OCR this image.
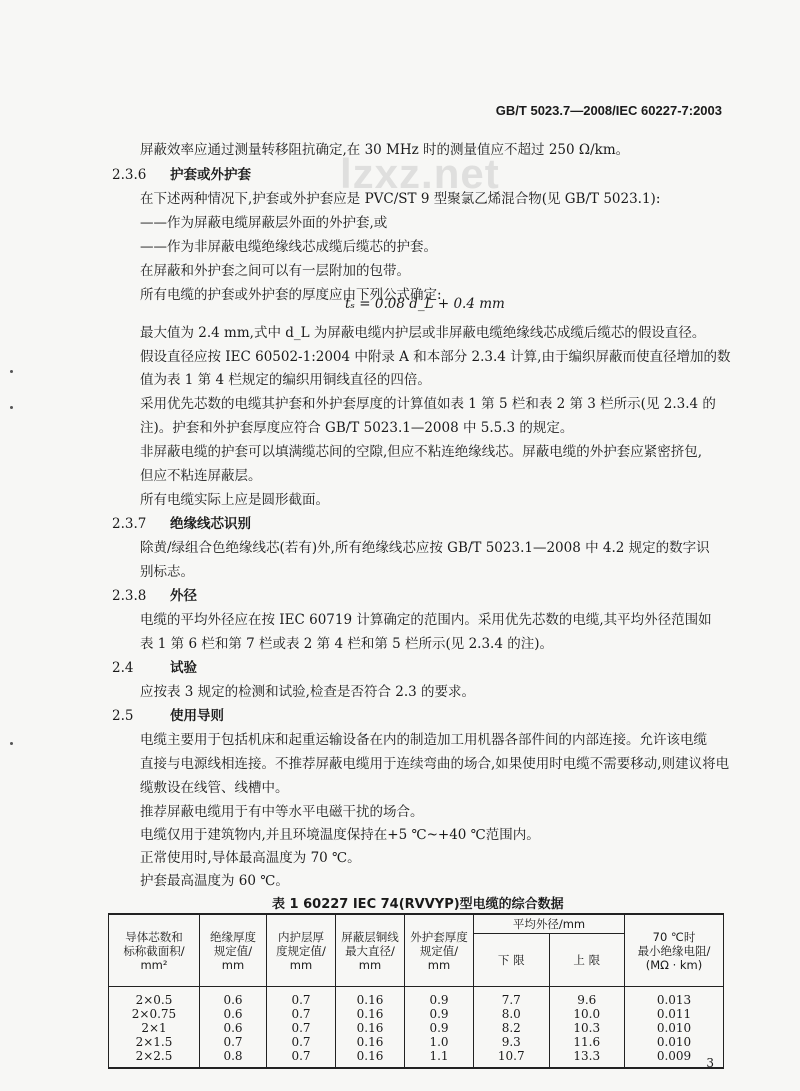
GB/T 5023.7—2008/IEC 60227-7:2003
lzxz.net
屏蔽效率应通过测量转移阻抗确定,在 30 MHz 时的测量值应不超过 250 Ω/km。
2.3.6 护套或外护套
在下述两种情况下,护套或外护套应是 PVC/ST 9 型聚氯乙烯混合物(见 GB/T 5023.1):
——作为屏蔽电缆屏蔽层外面的外护套,或
——作为非屏蔽电缆绝缘线芯成缆后缆芯的护套。
在屏蔽和外护套之间可以有一层附加的包带。
所有电缆的护套或外护套的厚度应由下列公式确定:
tₛ = 0.08 d_L + 0.4 mm
最大值为 2.4 mm,式中 d_L 为屏蔽电缆内护层或非屏蔽电缆绝缘线芯成缆后缆芯的假设直径。
假设直径应按 IEC 60502-1:2004 中附录 A 和本部分 2.3.4 计算,由于编织屏蔽而使直径增加的数
值为表 1 第 4 栏规定的编织用铜线直径的四倍。
采用优先芯数的电缆其护套和外护套厚度的计算值如表 1 第 5 栏和表 2 第 3 栏所示(见 2.3.4 的
注)。护套和外护套厚度应符合 GB/T 5023.1—2008 中 5.5.3 的规定。
非屏蔽电缆的护套可以填满缆芯间的空隙,但应不粘连绝缘线芯。屏蔽电缆的外护套应紧密挤包,
但应不粘连屏蔽层。
所有电缆实际上应是圆形截面。
2.3.7 绝缘线芯识别
除黄/绿组合色绝缘线芯(若有)外,所有绝缘线芯应按 GB/T 5023.1—2008 中 4.2 规定的数字识
别标志。
2.3.8 外径
电缆的平均外径应在按 IEC 60719 计算确定的范围内。采用优先芯数的电缆,其平均外径范围如
表 1 第 6 栏和第 7 栏或表 2 第 4 栏和第 5 栏所示(见 2.3.4 的注)。
2.4	试验
应按表 3 规定的检测和试验,检查是否符合 2.3 的要求。
2.5	使用导则
电缆主要用于包括机床和起重运输设备在内的制造加工用机器各部件间的内部连接。允许该电缆
直接与电源线相连接。不推荐屏蔽电缆用于连续弯曲的场合,如果使用时电缆不需要移动,则建议将电
缆敷设在线管、线槽中。
推荐屏蔽电缆用于有中等水平电磁干扰的场合。
电缆仅用于建筑物内,并且环境温度保持在+5 ℃~+40 ℃范围内。
正常使用时,导体最高温度为 70 ℃。
护套最高温度为 60 ℃。
表 1 60227 IEC 74(RVVYP)型电缆的综合数据
导体芯数和
标称截面积/
mm²	绝缘厚度
规定值/
mm	内护层厚
度规定值/
mm	屏蔽层铜线
最大直径/
mm	外护套厚度
规定值/
mm	平均外径/mm		70 ℃时
最小绝缘电阻/
(MΩ · km)
					下 限	上 限	
2×0.5	0.6	0.7	0.16	0.9	7.7	9.6	0.013
2×0.75	0.6	0.7	0.16	0.9	8.0	10.0	0.011
2×1	0.6	0.7	0.16	0.9	8.2	10.3	0.010
2×1.5	0.7	0.7	0.16	1.0	9.3	11.6	0.010
2×2.5	0.8	0.7	0.16	1.1	10.7	13.3	0.009 3
